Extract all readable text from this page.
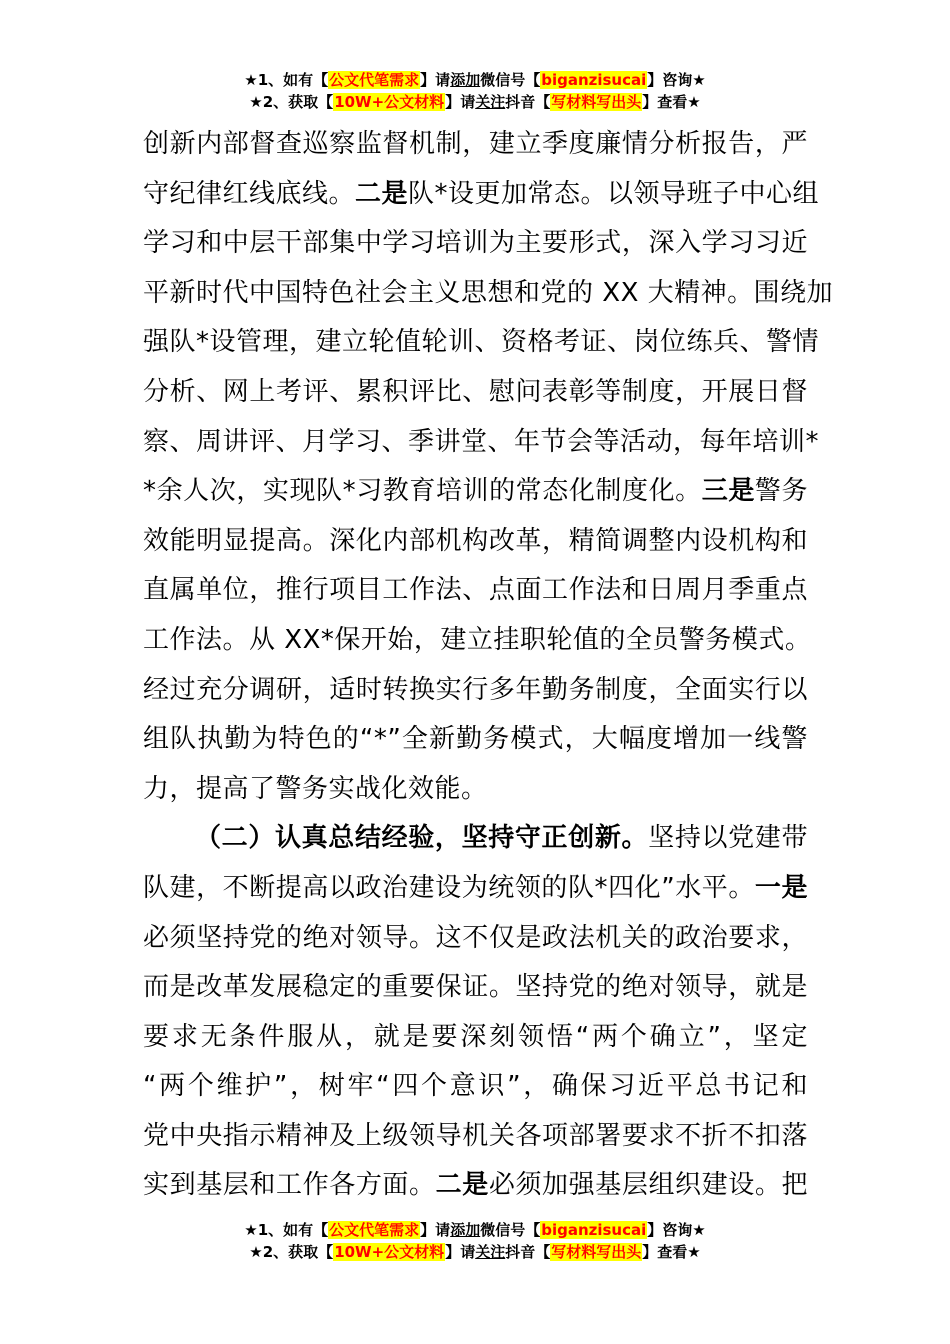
★1、如有【公文代笔需求】请添加微信号【biganzisucai】咨询★
★2、获取【10W+公文材料】请关注抖音【写材料写出头】查看★
创新内部督查巡察监督机制，建立季度廉情分析报告，严
守纪律红线底线。二是队*设更加常态。以领导班子中心组
学习和中层干部集中学习培训为主要形式，深入学习习近
平新时代中国特色社会主义思想和党的 XX 大精神。围绕加
强队*设管理，建立轮值轮训、资格考证、岗位练兵、警情
分析、网上考评、累积评比、慰问表彰等制度，开展日督
察、周讲评、月学习、季讲堂、年节会等活动，每年培训*
*余人次，实现队*习教育培训的常态化制度化。三是警务
效能明显提高。深化内部机构改革，精简调整内设机构和
直属单位，推行项目工作法、点面工作法和日周月季重点
工作法。从 XX*保开始，建立挂职轮值的全员警务模式。
经过充分调研，适时转换实行多年勤务制度，全面实行以
组队执勤为特色的“*”全新勤务模式，大幅度增加一线警
力，提高了警务实战化效能。
（二）认真总结经验，坚持守正创新。坚持以党建带
队建，不断提高以政治建设为统领的队*四化”水平。一是
必须坚持党的绝对领导。这不仅是政法机关的政治要求，
而是改革发展稳定的重要保证。坚持党的绝对领导，就是
要求无条件服从，就是要深刻领悟“两个确立”，坚定
“两个维护”，树牢“四个意识”，确保习近平总书记和
党中央指示精神及上级领导机关各项部署要求不折不扣落
实到基层和工作各方面。二是必须加强基层组织建设。把
★1、如有【公文代笔需求】请添加微信号【biganzisucai】咨询★
★2、获取【10W+公文材料】请关注抖音【写材料写出头】查看★
